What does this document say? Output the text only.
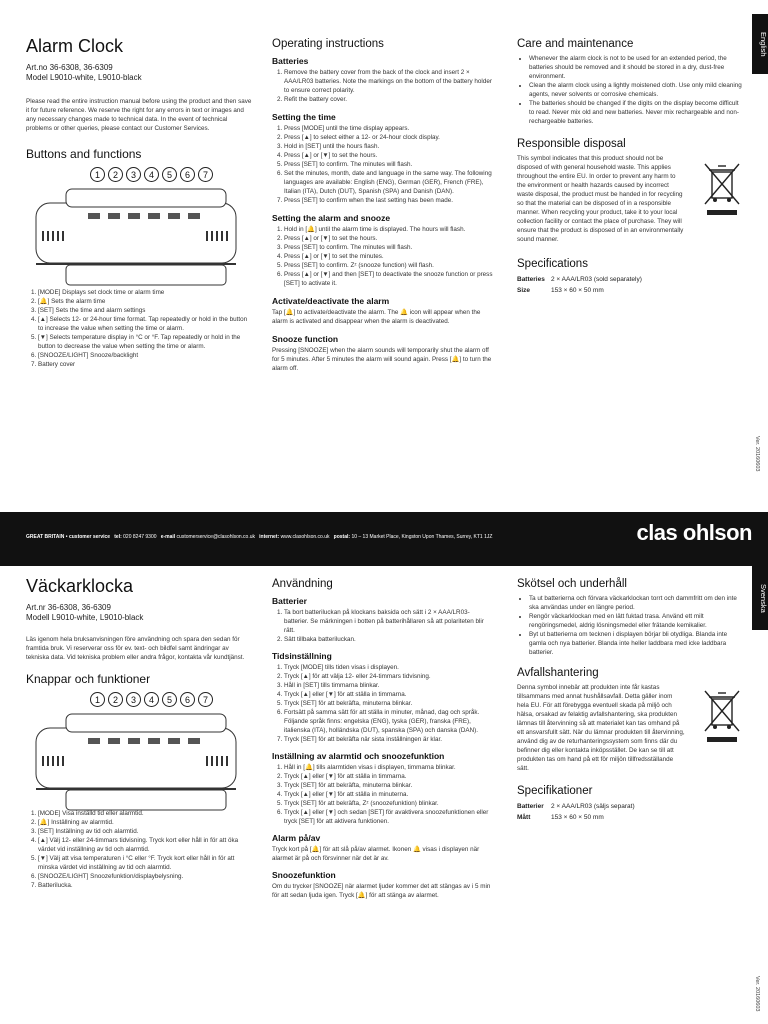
English
Ver. 20160603
Alarm Clock
Art.no 36-6308, 36-6309
Model L9010-white, L9010-black

Please read the entire instruction manual before using the product and then save it for future reference. We reserve the right for any errors in text or images and any necessary changes made to technical data. In the event of technical problems or other queries, please contact our Customer Services.

Buttons and functions
1	2	3	4	5	6	7
1. [MODE] Displays set clock time or alarm time
2. [🔔] Sets the alarm time
3. [SET] Sets the time and alarm settings
4. [▲] Selects 12- or 24-hour time format. Tap repeatedly or hold in the button to increase the value when setting the time or alarm.
5. [▼] Selects temperature display in °C or °F. Tap repeatedly or hold in the button to decrease the value when setting the time or alarm.
6. [SNOOZE/LIGHT] Snooze/backlight
7. Battery cover
Operating instructions
Batteries
1. Remove the battery cover from the back of the clock and insert 2 × AAA/LR03 batteries. Note the markings on the bottom of the battery holder to ensure correct polarity.
2. Refit the battery cover.
Setting the time
1. Press [MODE] until the time display appears.
2. Press [▲] to select either a 12- or 24-hour clock display.
3. Hold in [SET] until the hours flash.
4. Press [▲] or [▼] to set the hours.
5. Press [SET] to confirm. The minutes will flash.
6. Set the minutes, month, date and language in the same way. The following languages are available: English (ENG), German (GER), French (FRE), Italian (ITA), Dutch (DUT), Spanish (SPA) and Danish (DAN).
7. Press [SET] to confirm when the last setting has been made.
Setting the alarm and snooze
1. Hold in [🔔] until the alarm time is displayed. The hours will flash.
2. Press [▲] or [▼] to set the hours.
3. Press [SET] to confirm. The minutes will flash.
4. Press [▲] or [▼] to set the minutes.
5. Press [SET] to confirm. Zᶻ (snooze function) will flash.
6. Press [▲] or [▼] and then [SET] to deactivate the snooze function or press [SET] to activate it.
Activate/deactivate the alarm

Tap [🔔] to activate/deactivate the alarm. The 🔔 icon will appear when the alarm is activated and disappear when the alarm is deactivated.

Snooze function

Pressing [SNOOZE] when the alarm sounds will temporarily shut the alarm off for 5 minutes. After 5 minutes the alarm will sound again. Press [🔔] to turn the alarm off.

Care and maintenance
• Whenever the alarm clock is not to be used for an extended period, the batteries should be removed and it should be stored in a dry, dust-free environment.
• Clean the alarm clock using a lightly moistened cloth. Use only mild cleaning agents, never solvents or corrosive chemicals.
• The batteries should be changed if the digits on the display become difficult to read. Never mix old and new batteries. Never mix rechargeable and non-rechargeable batteries.
Responsible disposal

This symbol indicates that this product should not be disposed of with general household waste. This applies throughout the entire EU. In order to prevent any harm to the environment or health hazards caused by incorrect waste disposal, the product must be handed in for recycling so that the material can be disposed of in a responsible manner. When recycling your product, take it to your local collection facility or contact the place of purchase. They will ensure that the product is disposed of in an environmentally sound manner.

Specifications
Batteries 2 × AAA/LR03 (sold separately)
Size	153 × 60 × 50 mm
GREAT BRITAIN • customer service tel: 020 8247 9300 e-mail customerservice@clasohlson.co.uk internet: www.clasohlson.co.uk postal: 10 – 13 Market Place, Kingston Upon Thames, Surrey, KT1 1JZ	clas ohlson
Svenska
Ver. 20160603
Väckarklocka
Art.nr 36-6308, 36-6309
Modell L9010-white, L9010-black

Läs igenom hela bruksanvisningen före användning och spara den sedan för framtida bruk. Vi reserverar oss för ev. text- och bildfel samt ändringar av tekniska data. Vid tekniska problem eller andra frågor, kontakta vår kundtjänst.

Knappar och funktioner
1	2	3	4	5	6	7
1. [MODE] Visa inställd tid eller alarmtid.
2. [🔔] Inställning av alarmtid.
3. [SET] Inställning av tid och alarmtid.
4. [▲] Välj 12- eller 24-timmars tidvisning. Tryck kort eller håll in för att öka värdet vid inställning av tid och alarmtid.
5. [▼] Välj att visa temperaturen i °C eller °F. Tryck kort eller håll in för att minska värdet vid inställning av tid och alarmtid.
6. [SNOOZE/LIGHT] Snoozefunktion/displaybelysning.
7. Batterilucka.
Användning
Batterier
1. Ta bort batteriluckan på klockans baksida och sätt i 2 × AAA/LR03-batterier. Se märkningen i botten på batterihållaren så att polariteten blir rätt.
2. Sätt tillbaka batteriluckan.
Tidsinställning
1. Tryck [MODE] tills tiden visas i displayen.
2. Tryck [▲] för att välja 12- eller 24-timmars tidvisning.
3. Håll in [SET] tills timmarna blinkar.
4. Tryck [▲] eller [▼] för att ställa in timmarna.
5. Tryck [SET] för att bekräfta, minuterna blinkar.
6. Fortsätt på samma sätt för att ställa in minuter, månad, dag och språk. Följande språk finns: engelska (ENG), tyska (GER), franska (FRE), italienska (ITA), holländska (DUT), spanska (SPA) och danska (DAN).
7. Tryck [SET] för att bekräfta när sista inställningen är klar.
Inställning av alarmtid och snoozefunktion
1. Håll in [🔔] tills alarmtiden visas i displayen, timmarna blinkar.
2. Tryck [▲] eller [▼] för att ställa in timmarna.
3. Tryck [SET] för att bekräfta, minuterna blinkar.
4. Tryck [▲] eller [▼] för att ställa in minuterna.
5. Tryck [SET] för att bekräfta, Zᶻ (snoozefunktion) blinkar.
6. Tryck [▲] eller [▼] och sedan [SET] för avaktivera snoozefunktionen eller tryck [SET] för att aktivera funktionen.
Alarm på/av

Tryck kort på [🔔] för att slå på/av alarmet. Ikonen 🔔 visas i displayen när alarmet är på och försvinner när det är av.

Snoozefunktion

Om du trycker [SNOOZE] när alarmet ljuder kommer det att stängas av i 5 min för att sedan ljuda igen. Tryck [🔔] för att stänga av alarmet.

Skötsel och underhåll
• Ta ut batterierna och förvara väckarklockan torrt och dammfritt om den inte ska användas under en längre period.
• Rengör väckarklockan med en lätt fuktad trasa. Använd ett milt rengöringsmedel, aldrig lösningsmedel eller frätande kemikalier.
• Byt ut batterierna om tecknen i displayen börjar bli otydliga. Blanda inte gamla och nya batterier. Blanda inte heller laddbara med icke laddbara batterier.
Avfallshantering

Denna symbol innebär att produkten inte får kastas tillsammans med annat hushållsavfall. Detta gäller inom hela EU. För att förebygga eventuell skada på miljö och hälsa, orsakad av felaktig avfallshantering, ska produkten lämnas till återvinning så att materialet kan tas omhand på ett ansvarsfullt sätt. När du lämnar produkten till återvinning, använd dig av de returhanteringssystem som finns där du befinner dig eller kontakta inköpsstället. De kan se till att produkten tas om hand på ett för miljön tillfredsställande sätt.

Specifikationer
Batterier	2 × AAA/LR03 (säljs separat)
Mått	153 × 60 × 50 mm
